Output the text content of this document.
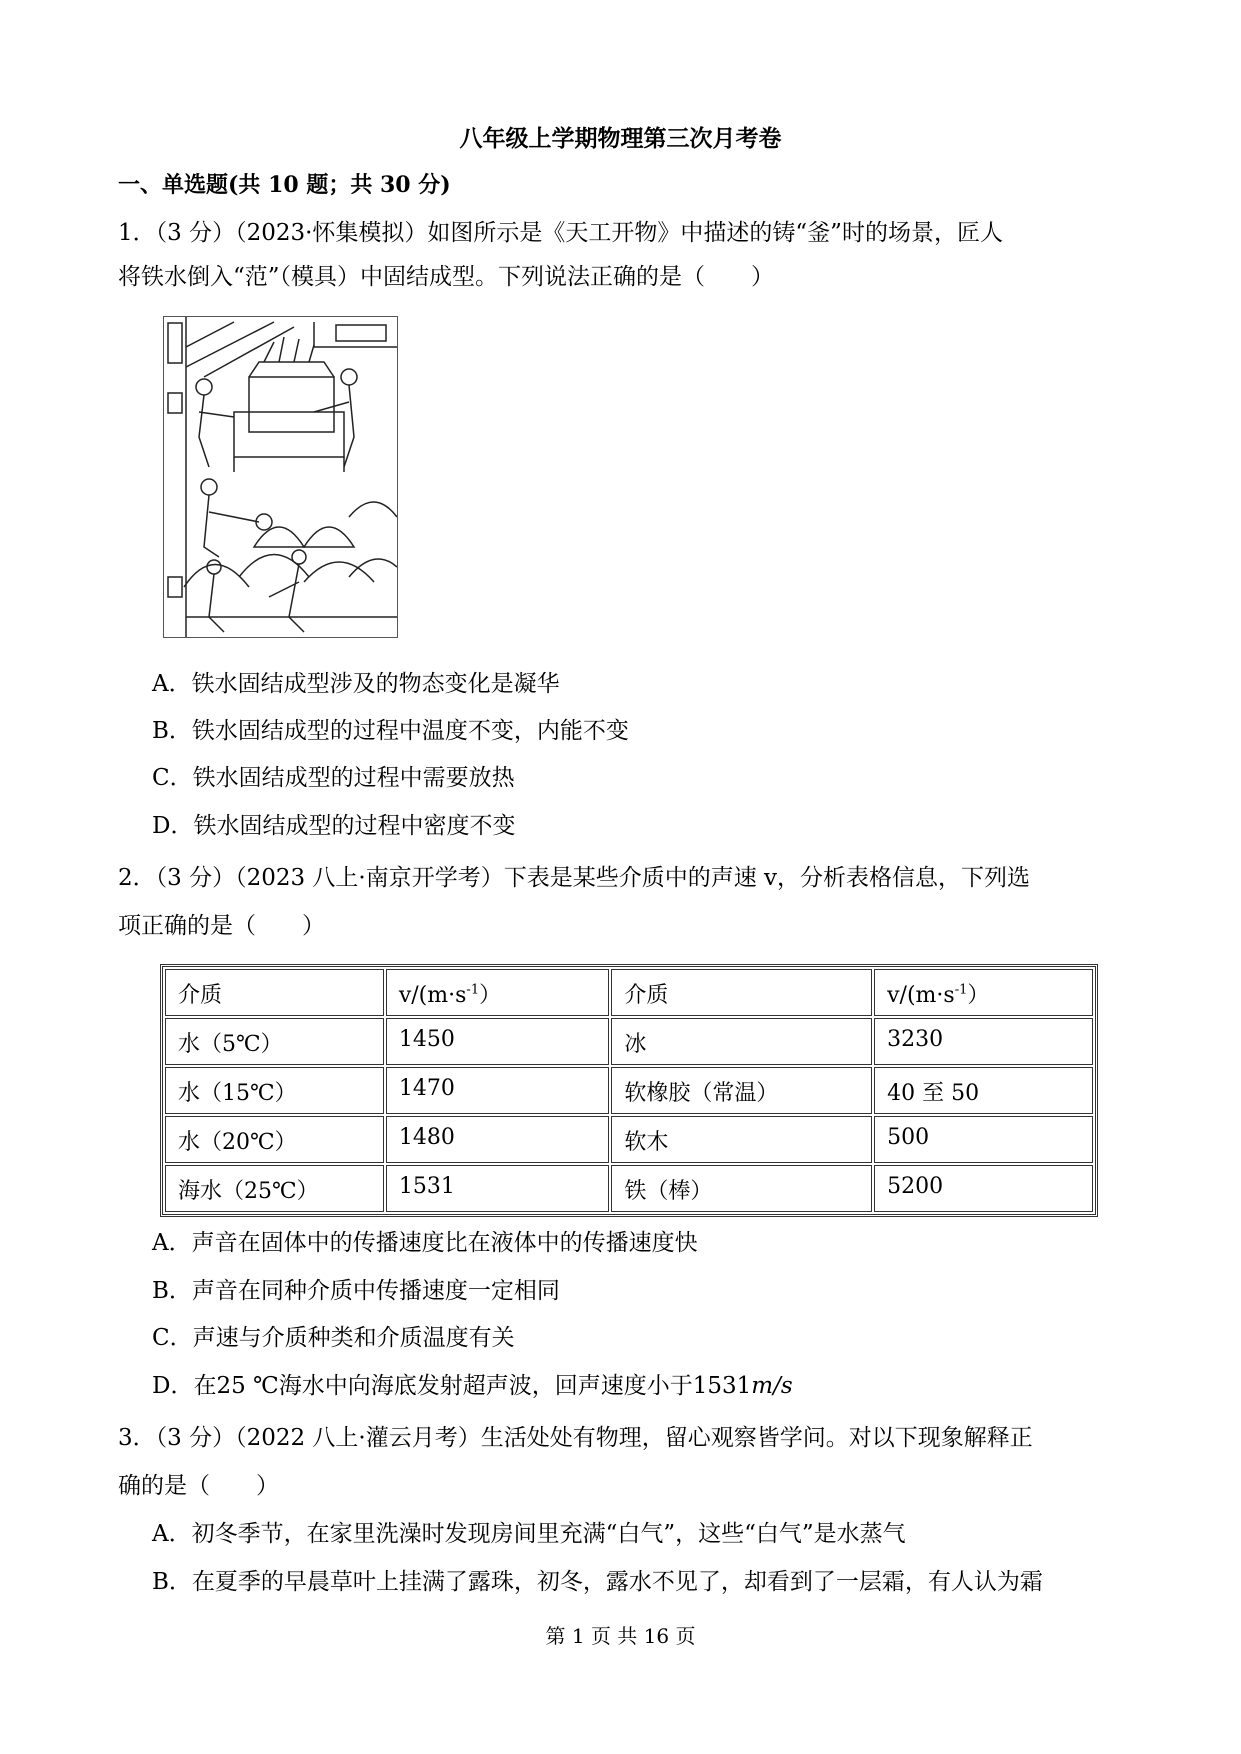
八年级上学期物理第三次月考卷
一、单选题(共 10 题；共 30 分)
1．（3 分）（2023·怀集模拟）如图所示是《天工开物》中描述的铸“釜”时的场景，匠人
将铁水倒入“范”（模具）中固结成型。下列说法正确的是（　　）
A．铁水固结成型涉及的物态变化是凝华
B．铁水固结成型的过程中温度不变，内能不变
C．铁水固结成型的过程中需要放热
D．铁水固结成型的过程中密度不变
2．（3 分）（2023 八上·南京开学考）下表是某些介质中的声速 v，分析表格信息，下列选
项正确的是（　　）
介质	$v/(m\cdot s^{-1})$	介质	$v/(m\cdot s^{-1})$
水（5℃）	1450	冰	3230
水（15℃）	1470	软橡胶（常温）	40 至 50
水（20℃）	1480	软木	500
海水（25℃）	1531	铁（棒）	5200
A．声音在固体中的传播速度比在液体中的传播速度快
B．声音在同种介质中传播速度一定相同
C．声速与介质种类和介质温度有关
D．在25 ℃海水中向海底发射超声波，回声速度小于1531m/s
3．（3 分）（2022 八上·灌云月考）生活处处有物理，留心观察皆学问。对以下现象解释正
确的是（　　）
A．初冬季节，在家里洗澡时发现房间里充满“白气”，这些“白气”是水蒸气
B．在夏季的早晨草叶上挂满了露珠，初冬，露水不见了，却看到了一层霜，有人认为霜
第 1 页 共 16 页
